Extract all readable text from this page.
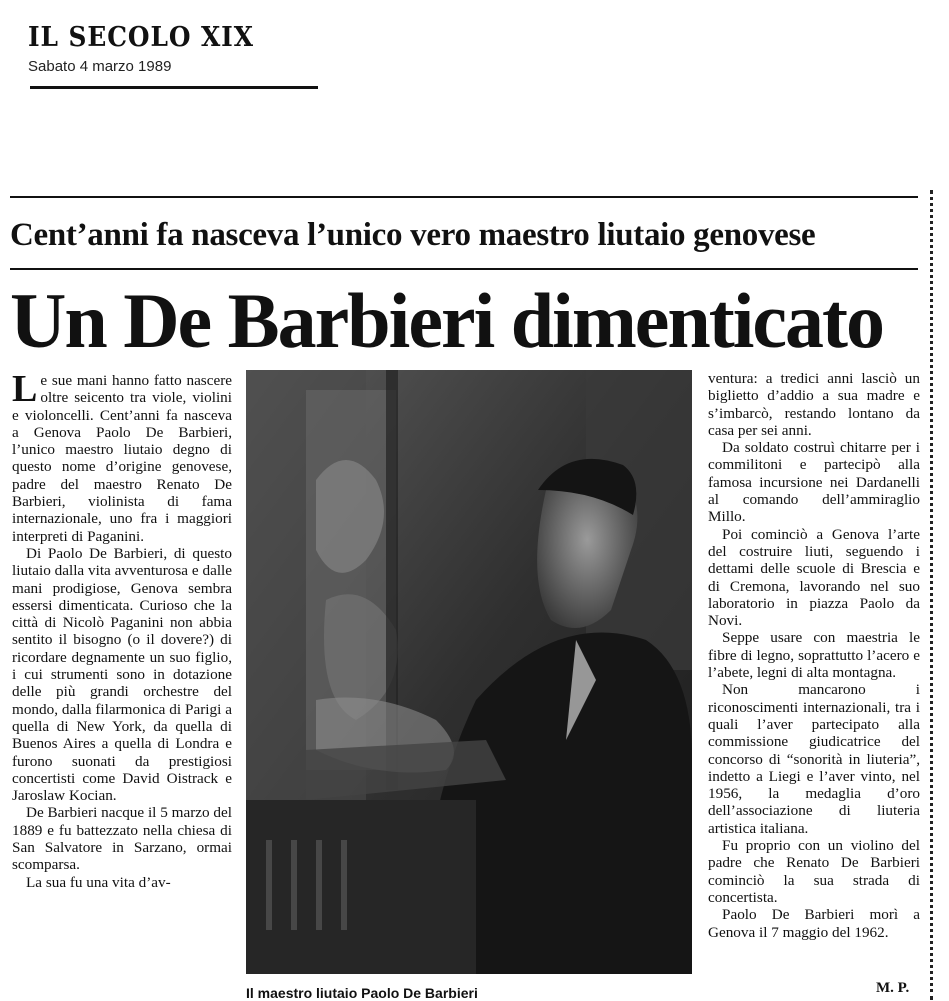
IL SECOLO XIX
Sabato 4 marzo 1989
Cent’anni fa nasceva l’unico vero maestro liutaio genovese
Un De Barbieri dimenticato

Le sue mani hanno fatto nascere oltre seicento tra viole, violini e violoncelli. Cent’anni fa nasceva a Genova Paolo De Barbieri, l’unico maestro liutaio degno di questo nome d’origine genovese, padre del maestro Renato De Barbieri, violinista di fama internazionale, uno fra i maggiori interpreti di Paganini.

Di Paolo De Barbieri, di questo liutaio dalla vita avventurosa e dalle mani prodigiose, Genova sembra essersi dimenticata. Curioso che la città di Nicolò Paganini non abbia sentito il bisogno (o il dovere?) di ricordare degnamente un suo figlio, i cui strumenti sono in dotazione delle più grandi orchestre del mondo, dalla filarmonica di Parigi a quella di New York, da quella di Buenos Aires a quella di Londra e furono suonati da prestigiosi concertisti come David Oistrack e Jaroslaw Kocian.

De Barbieri nacque il 5 marzo del 1889 e fu battezzato nella chiesa di San Salvatore in Sarzano, ormai scomparsa.

La sua fu una vita d’av-

ventura: a tredici anni lasciò un biglietto d’addio a sua madre e s’imbarcò, restando lontano da casa per sei anni.

Da soldato costruì chitarre per i commilitoni e partecipò alla famosa incursione nei Dardanelli al comando dell’ammiraglio Millo.

Poi cominciò a Genova l’arte del costruire liuti, seguendo i dettami delle scuole di Brescia e di Cremona, lavorando nel suo laboratorio in piazza Paolo da Novi.

Seppe usare con maestria le fibre di legno, soprattutto l’acero e l’abete, legni di alta montagna.

Non mancarono i riconoscimenti internazionali, tra i quali l’aver partecipato alla commissione giudicatrice del concorso di “sonorità in liuteria”, indetto a Liegi e l’aver vinto, nel 1956, la medaglia d’oro dell’associazione di liuteria artistica italiana.

Fu proprio con un violino del padre che Renato De Barbieri cominciò la sua strada di concertista.

Paolo De Barbieri morì a Genova il 7 maggio del 1962.

Il maestro liutaio Paolo De Barbieri	M. P.
